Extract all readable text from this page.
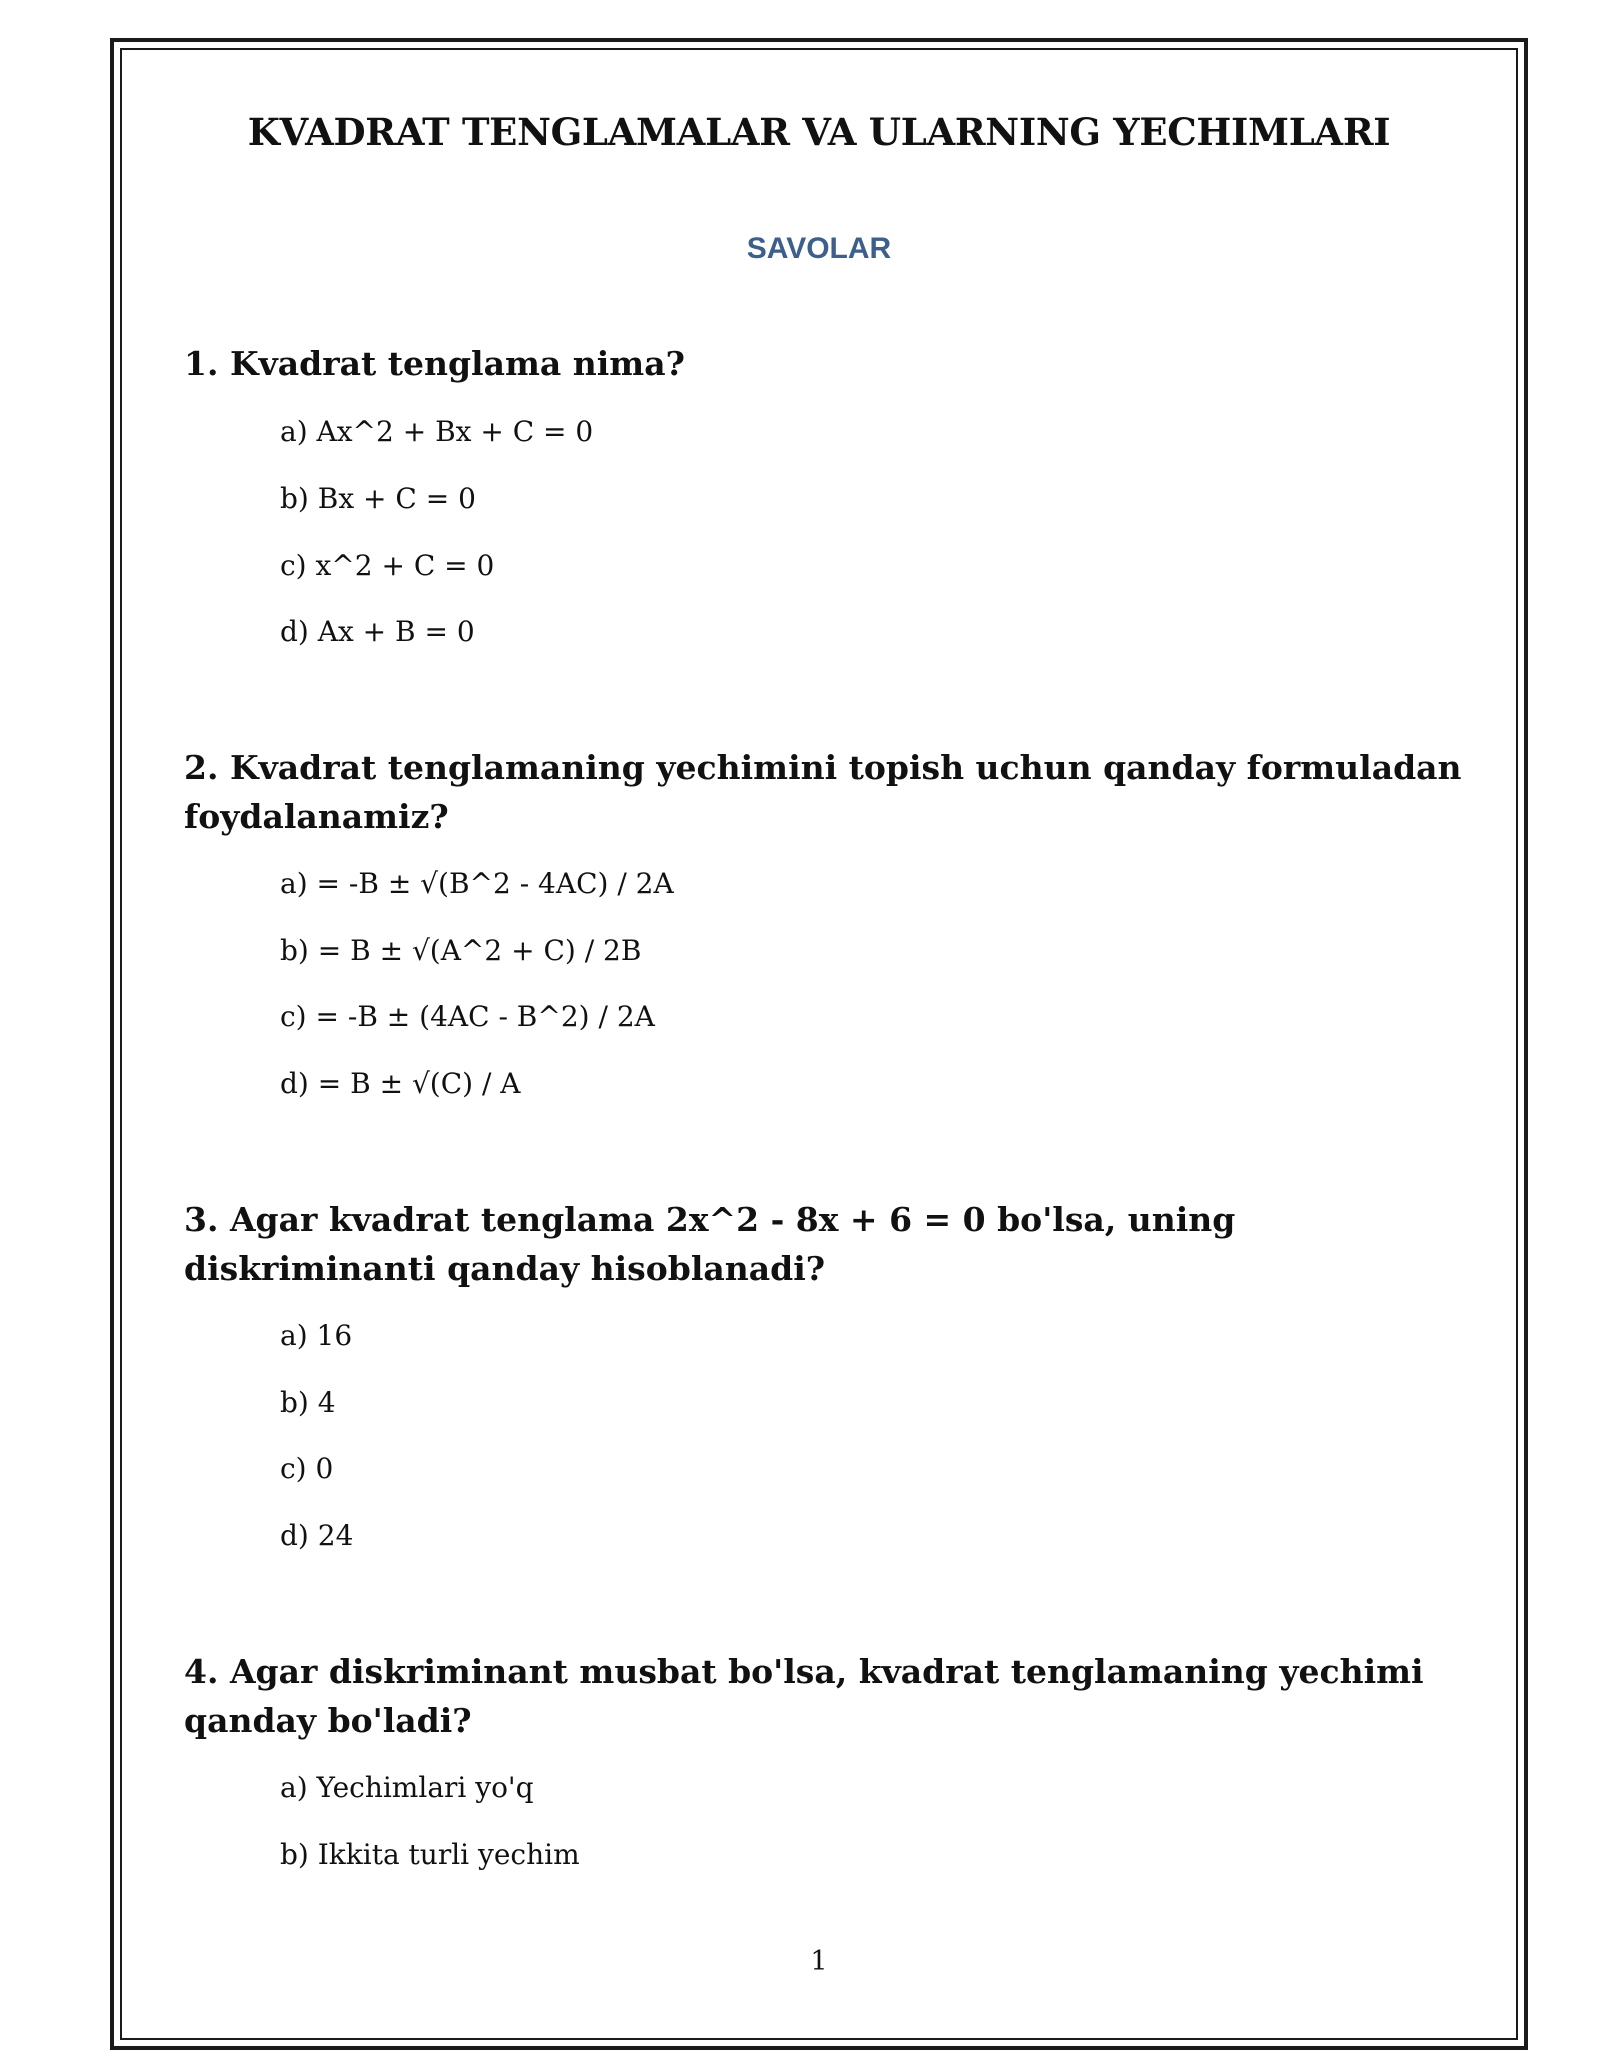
KVADRAT TENGLAMALAR VA ULARNING YECHIMLARI
SAVOLAR
1. Kvadrat tenglama nima?
a) Ax^2 + Bx + C = 0
b) Bx + C = 0
c) x^2 + C = 0
d) Ax + B = 0
2. Kvadrat tenglamaning yechimini topish uchun qanday formuladan foydalanamiz?
a) = -B ± √(B^2 - 4AC) / 2A
b) = B ± √(A^2 + C) / 2B
c) = -B ± (4AC - B^2) / 2A
d) = B ± √(C) / A
3. Agar kvadrat tenglama 2x^2 - 8x + 6 = 0 bo'lsa, uning diskriminanti qanday hisoblanadi?
a) 16
b) 4
c) 0
d) 24
4. Agar diskriminant musbat bo'lsa, kvadrat tenglamaning yechimi qanday bo'ladi?
a) Yechimlari yo'q
b) Ikkita turli yechim
1
